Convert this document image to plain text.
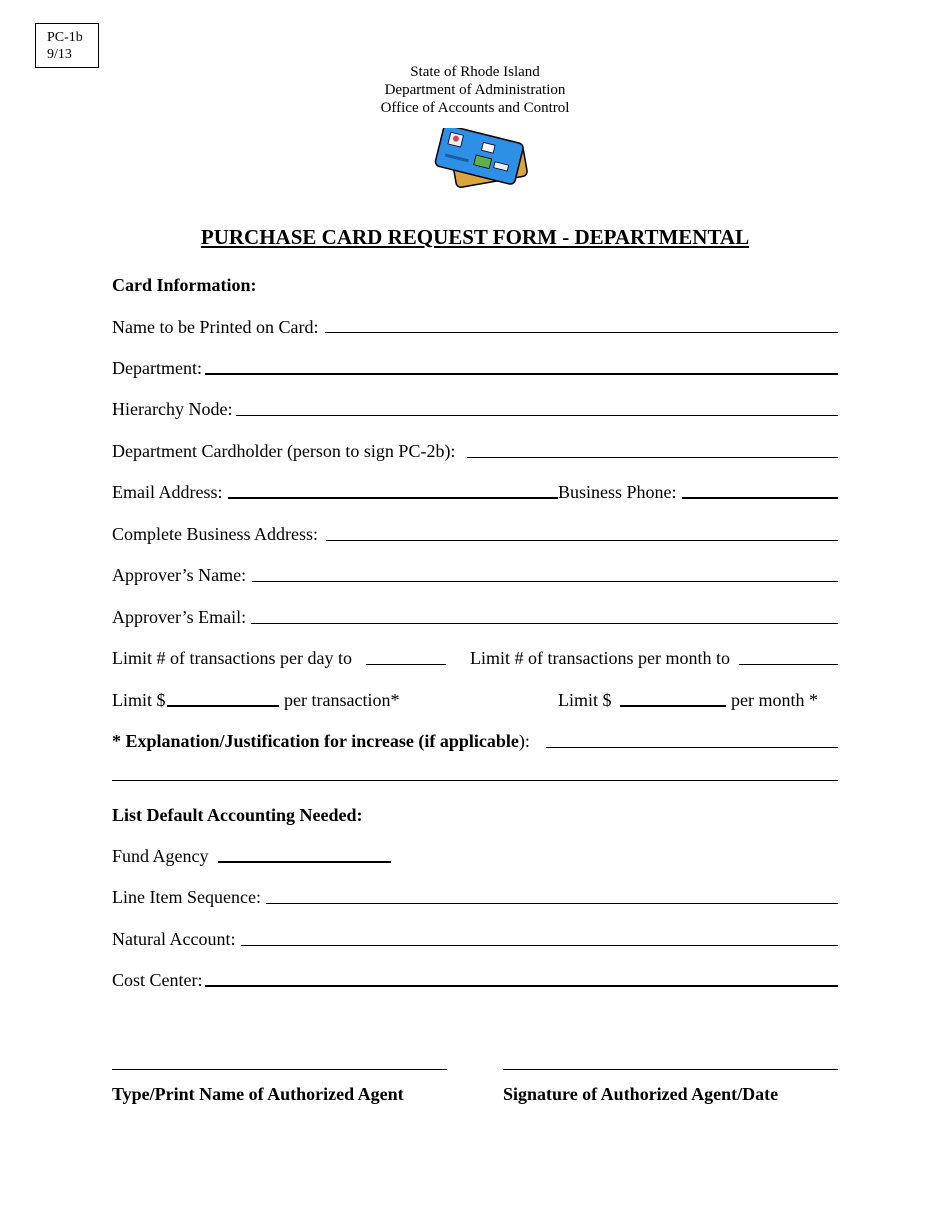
PC-1b
9/13
State of Rhode Island
Department of Administration
Office of Accounts and Control
PURCHASE CARD REQUEST FORM - DEPARTMENTAL
Card Information:
Name to be Printed on Card:
Department:
Hierarchy Node:
Department Cardholder (person to sign PC-2b):
Email Address:	Business Phone:
Complete Business Address:
Approver’s Name:
Approver’s Email:
Limit # of transactions per day to	Limit # of transactions per month to
Limit $	per transaction*	Limit $	per month *
* Explanation/Justification for increase (if applicable):
List Default Accounting Needed:
Fund Agency
Line Item Sequence:
Natural Account:
Cost Center:
Type/Print Name of Authorized Agent	Signature of Authorized Agent/Date
